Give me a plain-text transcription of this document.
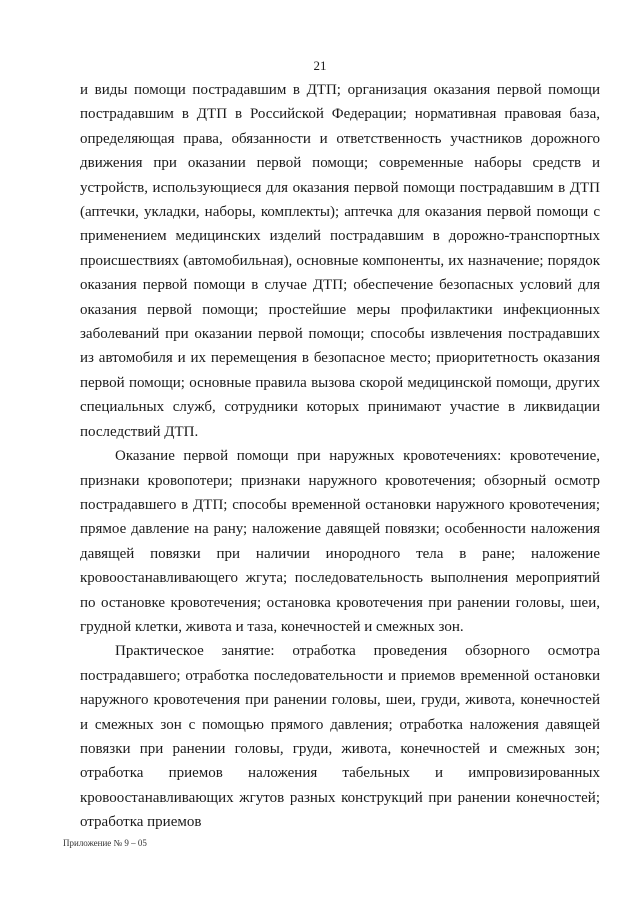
21

и виды помощи пострадавшим в ДТП; организация оказания первой помощи пострадавшим в ДТП в Российской Федерации; нормативная правовая база, определяющая права, обязанности и ответственность участников дорожного движения при оказании первой помощи; современные наборы средств и устройств, использующиеся для оказания первой помощи пострадавшим в ДТП (аптечки, укладки, наборы, комплекты); аптечка для оказания первой помощи с применением медицинских изделий пострадавшим в дорожно-транспортных происшествиях (автомобильная), основные компоненты, их назначение; порядок оказания первой помощи в случае ДТП; обеспечение безопасных условий для оказания первой помощи; простейшие меры профилактики инфекционных заболеваний при оказании первой помощи; способы извлечения пострадавших из автомобиля и их перемещения в безопасное место; приоритетность оказания первой помощи; основные правила вызова скорой медицинской помощи, других специальных служб, сотрудники которых принимают участие в ликвидации последствий ДТП.

Оказание первой помощи при наружных кровотечениях: кровотечение, признаки кровопотери; признаки наружного кровотечения; обзорный осмотр пострадавшего в ДТП; способы временной остановки наружного кровотечения; прямое давление на рану; наложение давящей повязки; особенности наложения давящей повязки при наличии инородного тела в ране; наложение кровоостанавливающего жгута; последовательность выполнения мероприятий по остановке кровотечения; остановка кровотечения при ранении головы, шеи, грудной клетки, живота и таза, конечностей и смежных зон.

Практическое занятие: отработка проведения обзорного осмотра пострадавшего; отработка последовательности и приемов временной остановки наружного кровотечения при ранении головы, шеи, груди, живота, конечностей и смежных зон с помощью прямого давления; отработка наложения давящей повязки при ранении головы, груди, живота, конечностей и смежных зон; отработка приемов наложения табельных и импровизированных кровоостанавливающих жгутов разных конструкций при ранении конечностей; отработка приемов

Приложение № 9 – 05
